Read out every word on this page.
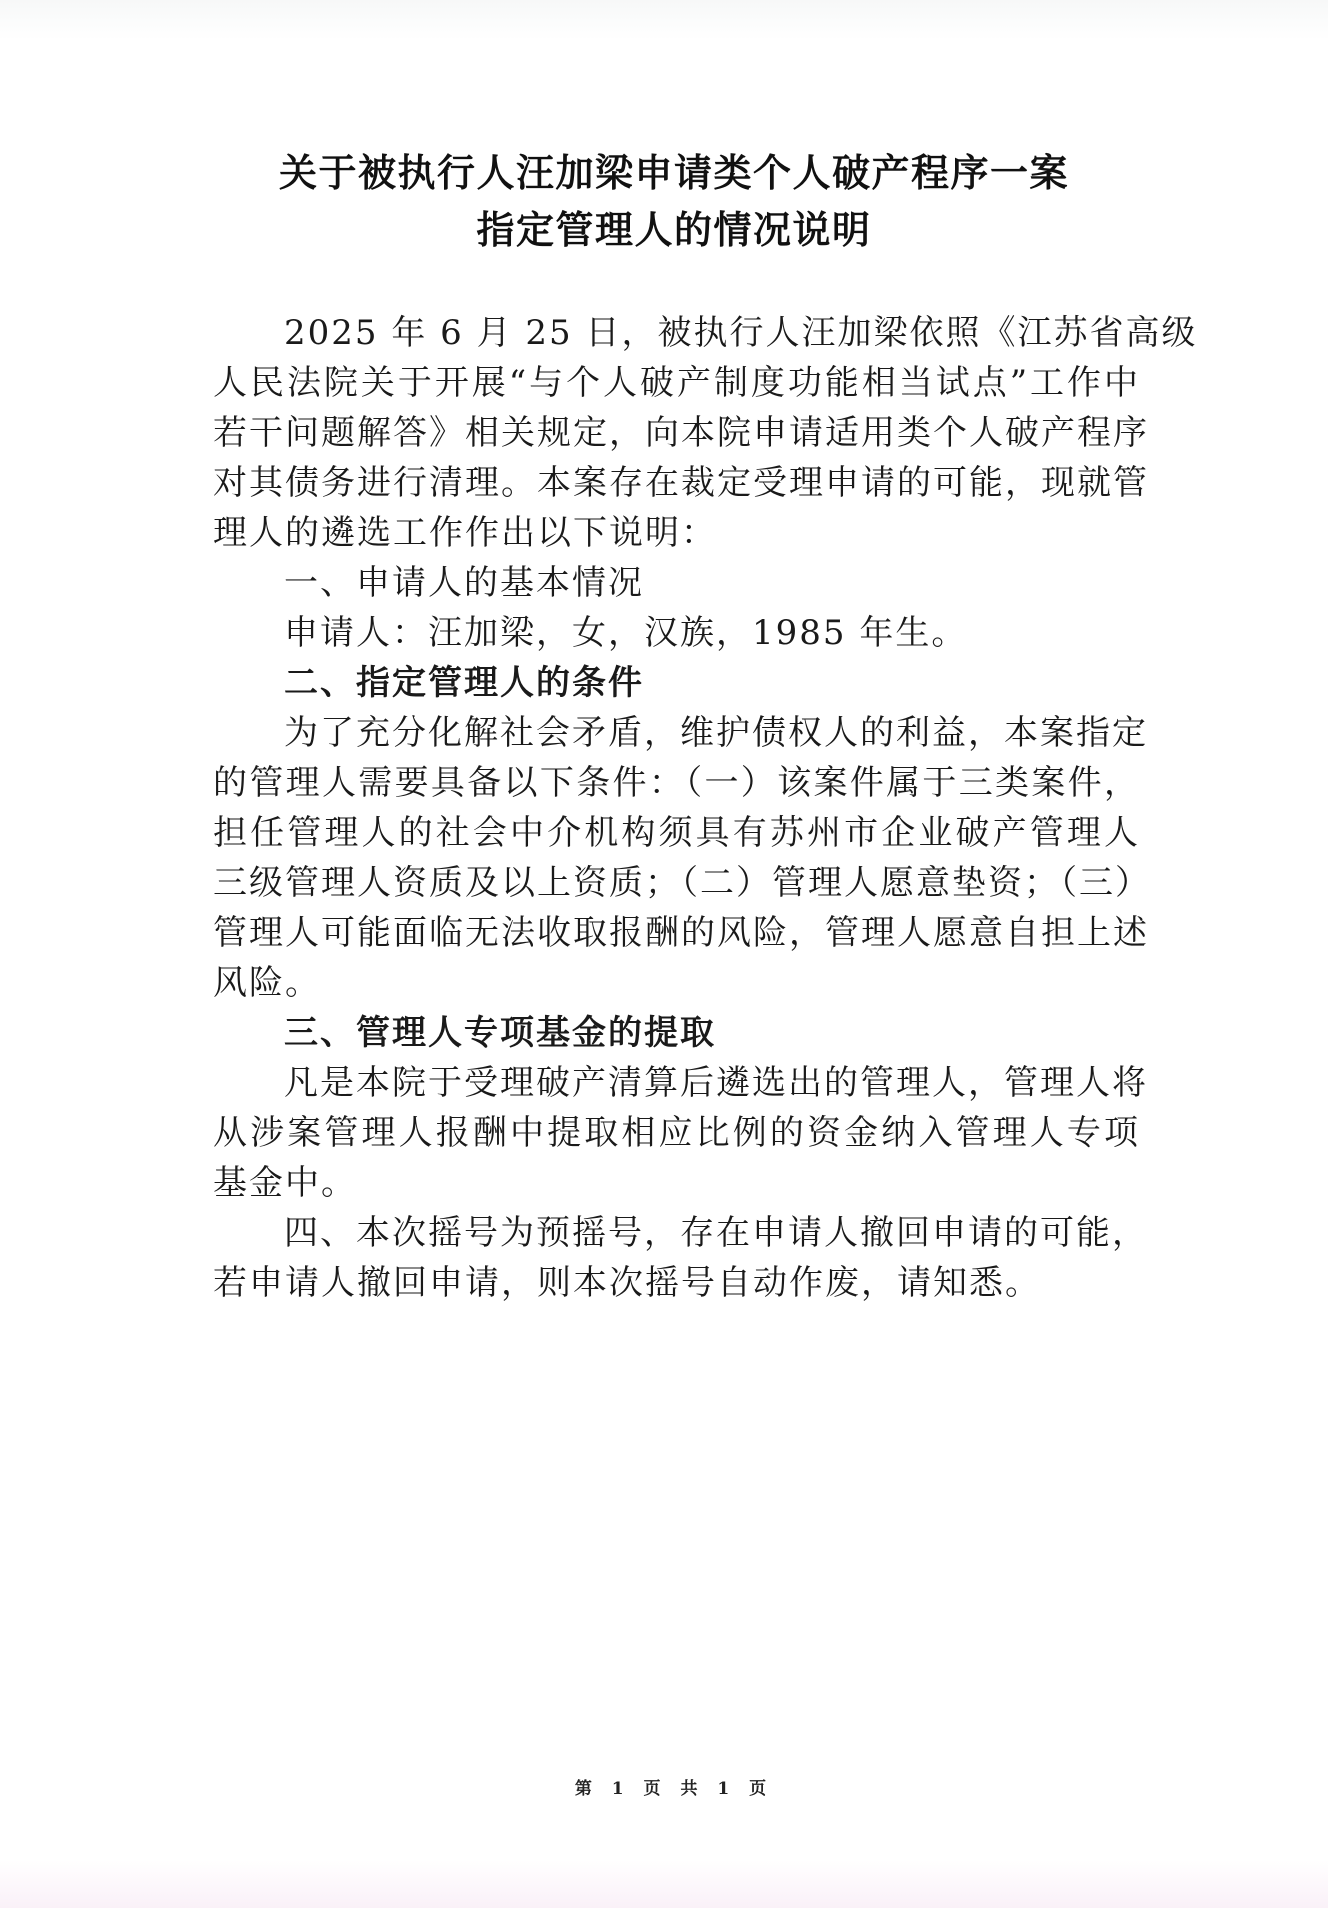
关于被执行人汪加梁申请类个人破产程序一案
指定管理人的情况说明
2025 年 6 月 25 日，被执行人汪加梁依照《江苏省高级
人民法院关于开展“与个人破产制度功能相当试点”工作中
若干问题解答》相关规定，向本院申请适用类个人破产程序
对其债务进行清理。本案存在裁定受理申请的可能，现就管
理人的遴选工作作出以下说明：
一、申请人的基本情况
申请人：汪加梁，女，汉族，1985 年生。
二、指定管理人的条件
为了充分化解社会矛盾，维护债权人的利益，本案指定
的管理人需要具备以下条件：（一）该案件属于三类案件，
担任管理人的社会中介机构须具有苏州市企业破产管理人
三级管理人资质及以上资质；（二）管理人愿意垫资；（三）
管理人可能面临无法收取报酬的风险，管理人愿意自担上述
风险。
三、管理人专项基金的提取
凡是本院于受理破产清算后遴选出的管理人，管理人将
从涉案管理人报酬中提取相应比例的资金纳入管理人专项
基金中。
四、本次摇号为预摇号，存在申请人撤回申请的可能，
若申请人撤回申请，则本次摇号自动作废，请知悉。
第 1 页 共 1 页
